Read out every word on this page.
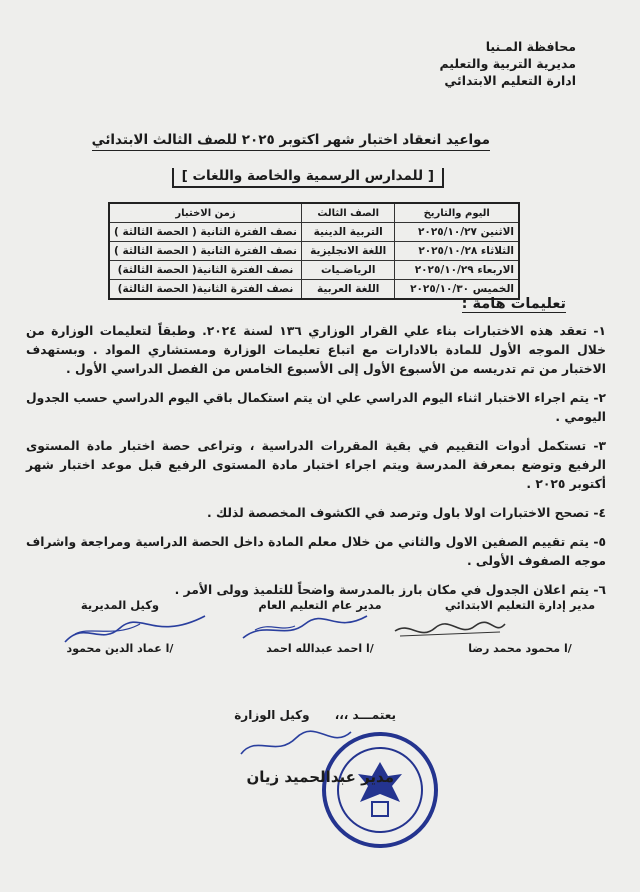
محافظة المـنيا
مديرية التربية والتعليم
ادارة التعليم الابتدائي
مواعيد انعقاد اختبار شهر اكتوبر ٢٠٢٥ للصف الثالث الابتدائي
[ للمدارس الرسمية والخاصة واللغات ]
اليوم والتاريخ	الصف الثالث	زمن الاختبار
الاثنين ٢٠٢٥/١٠/٢٧	التربية الدينية	نصف الفترة الثانية ( الحصة الثالثة )
الثلاثاء ٢٠٢٥/١٠/٢٨	اللغة الانجليزية	نصف الفترة الثانية ( الحصة الثالثة )
الاربعاء ٢٠٢٥/١٠/٢٩	الرياضـيات	نصف الفترة الثانية( الحصة الثالثة)
الخميس ٢٠٢٥/١٠/٣٠	اللغة العربية	نصف الفترة الثانية( الحصة الثالثة)
تعليمات هامة :
١- تعقد هذه الاختبارات بناء علي القرار الوزاري ١٣٦ لسنة ٢٠٢٤. وطبقاً لتعليمات الوزارة من خلال الموجه الأول للمادة بالادارات مع اتباع تعليمات الوزارة ومستشاري المواد . وبستهدف الاختبار من تم تدريسه من الأسبوع الأول إلى الأسبوع الخامس من الفصل الدراسي الأول .
٢- يتم اجراء الاختبار اثناء اليوم الدراسي علي ان يتم استكمال باقي اليوم الدراسي حسب الجدول اليومي .
٣- تستكمل أدوات التقييم في بقية المقررات الدراسية ، وتراعى حصة اختبار مادة المستوى الرفيع وتوضع بمعرفة المدرسة ويتم اجراء اختبار مادة المستوى الرفيع قبل موعد اختبار شهر أكتوبر ٢٠٢٥ .
٤- تصحح الاختبارات اولا باول وترصد في الكشوف المخصصة لذلك .
٥- يتم تقييم الصفين الاول والثاني من خلال معلم المادة داخل الحصة الدراسية ومراجعة واشراف موجه الصفوف الأولى .
٦- يتم اعلان الجدول في مكان بارز بالمدرسة واضحاً للتلميذ وولى الأمر .
مدير إدارة التعليم الابتدائي
/ا محمود محمد رضا
مدير عام التعليم العام
/ا احمد عبدالله احمد
وكيل المديرية
/ا عماد الدين محمود
يعتمـــد ،،،      وكيل الوزارة
مدير عبدالحميد زيان
